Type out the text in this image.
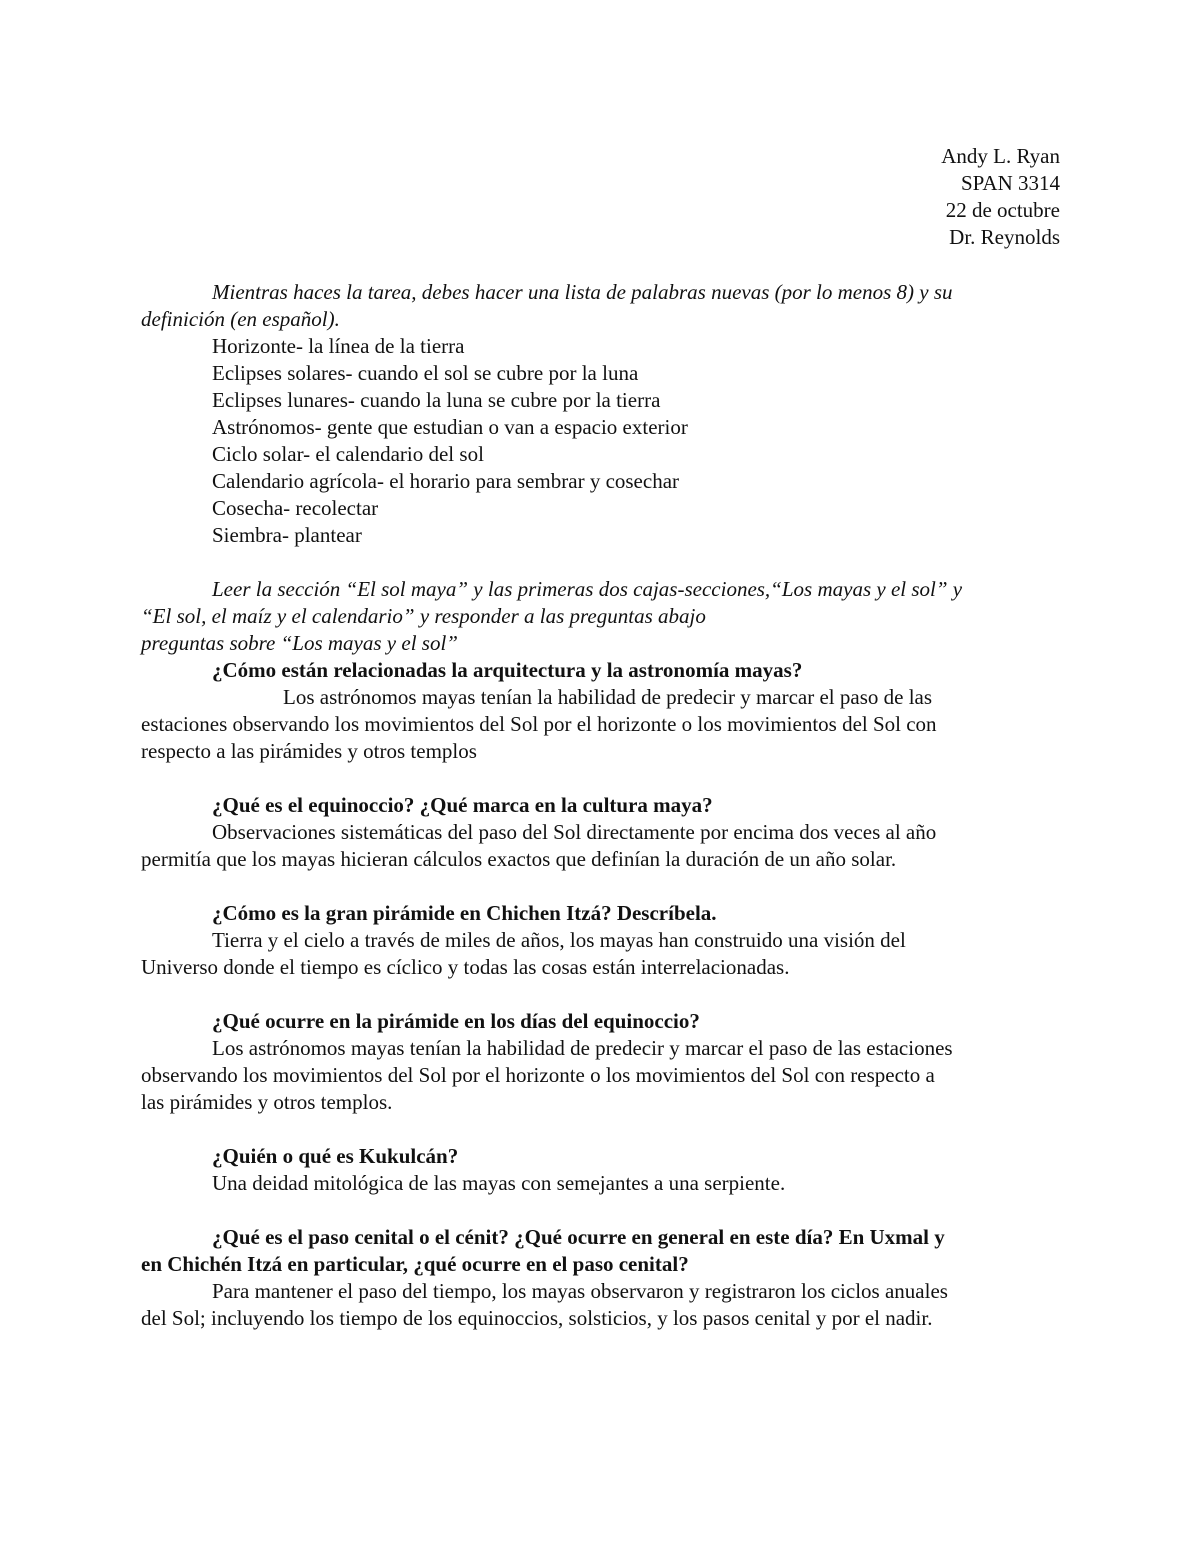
Andy L. Ryan

SPAN 3314

22 de octubre

Dr. Reynolds

Mientras haces la tarea, debes hacer una lista de palabras nuevas (por lo menos 8) y su

definición (en español).

Horizonte- la línea de la tierra

Eclipses solares- cuando el sol se cubre por la luna

Eclipses lunares- cuando la luna se cubre por la tierra

Astrónomos- gente que estudian o van a espacio exterior

Ciclo solar- el calendario del sol

Calendario agrícola- el horario para sembrar y cosechar

Cosecha- recolectar

Siembra- plantear

Leer la sección “El sol maya” y las primeras dos cajas-secciones,“Los mayas y el sol” y

“El sol, el maíz y el calendario” y responder a las preguntas abajo

preguntas sobre “Los mayas y el sol”

¿Cómo están relacionadas la arquitectura y la astronomía mayas?

Los astrónomos mayas tenían la habilidad de predecir y marcar el paso de las

estaciones observando los movimientos del Sol por el horizonte o los movimientos del Sol con

respecto a las pirámides y otros templos

¿Qué es el equinoccio? ¿Qué marca en la cultura maya?

Observaciones sistemáticas del paso del Sol directamente por encima dos veces al año

permitía que los mayas hicieran cálculos exactos que definían la duración de un año solar.

¿Cómo es la gran pirámide en Chichen Itzá? Descríbela.

Tierra y el cielo a través de miles de años, los mayas han construido una visión del

Universo donde el tiempo es cíclico y todas las cosas están interrelacionadas.

¿Qué ocurre en la pirámide en los días del equinoccio?

Los astrónomos mayas tenían la habilidad de predecir y marcar el paso de las estaciones

observando los movimientos del Sol por el horizonte o los movimientos del Sol con respecto a

las pirámides y otros templos.

¿Quién o qué es Kukulcán?

Una deidad mitológica de las mayas con semejantes a una serpiente.

¿Qué es el paso cenital o el cénit? ¿Qué ocurre en general en este día? En Uxmal y

en Chichén Itzá en particular, ¿qué ocurre en el paso cenital?

Para mantener el paso del tiempo, los mayas observaron y registraron los ciclos anuales

del Sol; incluyendo los tiempo de los equinoccios, solsticios, y los pasos cenital y por el nadir.
